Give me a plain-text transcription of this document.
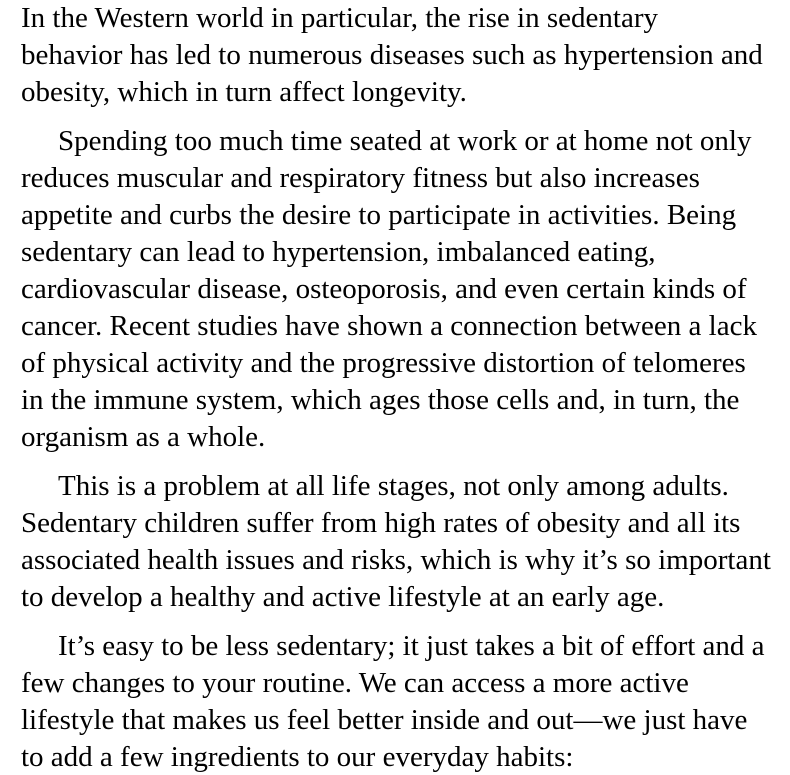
In the Western world in particular, the rise in sedentary
behavior has led to numerous diseases such as hypertension and
obesity, which in turn affect longevity.
Spending too much time seated at work or at home not only
reduces muscular and respiratory fitness but also increases
appetite and curbs the desire to participate in activities. Being
sedentary can lead to hypertension, imbalanced eating,
cardiovascular disease, osteoporosis, and even certain kinds of
cancer. Recent studies have shown a connection between a lack
of physical activity and the progressive distortion of telomeres
in the immune system, which ages those cells and, in turn, the
organism as a whole.
This is a problem at all life stages, not only among adults.
Sedentary children suffer from high rates of obesity and all its
associated health issues and risks, which is why it’s so important
to develop a healthy and active lifestyle at an early age.
It’s easy to be less sedentary; it just takes a bit of effort and a
few changes to your routine. We can access a more active
lifestyle that makes us feel better inside and out—we just have
to add a few ingredients to our everyday habits:
